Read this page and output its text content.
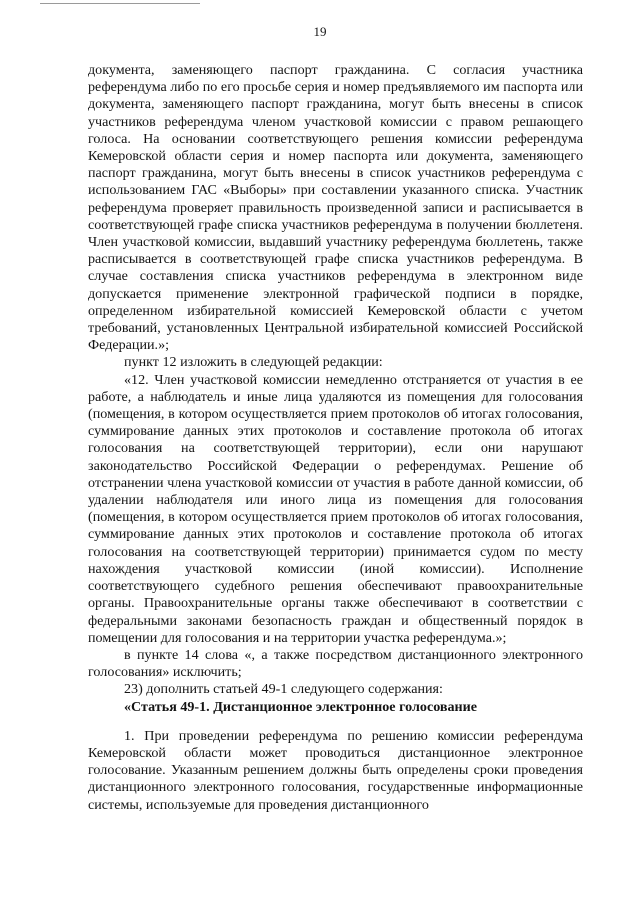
19

документа, заменяющего паспорт гражданина. С согласия участника референдума либо по его просьбе серия и номер предъявляемого им паспорта или документа, заменяющего паспорт гражданина, могут быть внесены в список участников референдума членом участковой комиссии с правом решающего голоса. На основании соответствующего решения комиссии референдума Кемеровской области серия и номер паспорта или документа, заменяющего паспорт гражданина, могут быть внесены в список участников референдума с использованием ГАС «Выборы» при составлении указанного списка. Участник референдума проверяет правильность произведенной записи и расписывается в соответствующей графе списка участников референдума в получении бюллетеня. Член участковой комиссии, выдавший участнику референдума бюллетень, также расписывается в соответствующей графе списка участников референдума. В случае составления списка участников референдума в электронном виде допускается применение электронной графической подписи в порядке, определенном избирательной комиссией Кемеровской области с учетом требований, установленных Центральной избирательной комиссией Российской Федерации.»;

пункт 12 изложить в следующей редакции:

«12. Член участковой комиссии немедленно отстраняется от участия в ее работе, а наблюдатель и иные лица удаляются из помещения для голосования (помещения, в котором осуществляется прием протоколов об итогах голосования, суммирование данных этих протоколов и составление протокола об итогах голосования на соответствующей территории), если они нарушают законодательство Российской Федерации о референдумах. Решение об отстранении члена участковой комиссии от участия в работе данной комиссии, об удалении наблюдателя или иного лица из помещения для голосования (помещения, в котором осуществляется прием протоколов об итогах голосования, суммирование данных этих протоколов и составление протокола об итогах голосования на соответствующей территории) принимается судом по месту нахождения участковой комиссии (иной комиссии). Исполнение соответствующего судебного решения обеспечивают правоохранительные органы. Правоохранительные органы также обеспечивают в соответствии с федеральными законами безопасность граждан и общественный порядок в помещении для голосования и на территории участка референдума.»;

в пункте 14 слова «, а также посредством дистанционного электронного голосования» исключить;

23) дополнить статьей 49-1 следующего содержания:

«Статья 49-1. Дистанционное электронное голосование

1. При проведении референдума по решению комиссии референдума Кемеровской области может проводиться дистанционное электронное голосование. Указанным решением должны быть определены сроки проведения дистанционного электронного голосования, государственные информационные системы, используемые для проведения дистанционного
